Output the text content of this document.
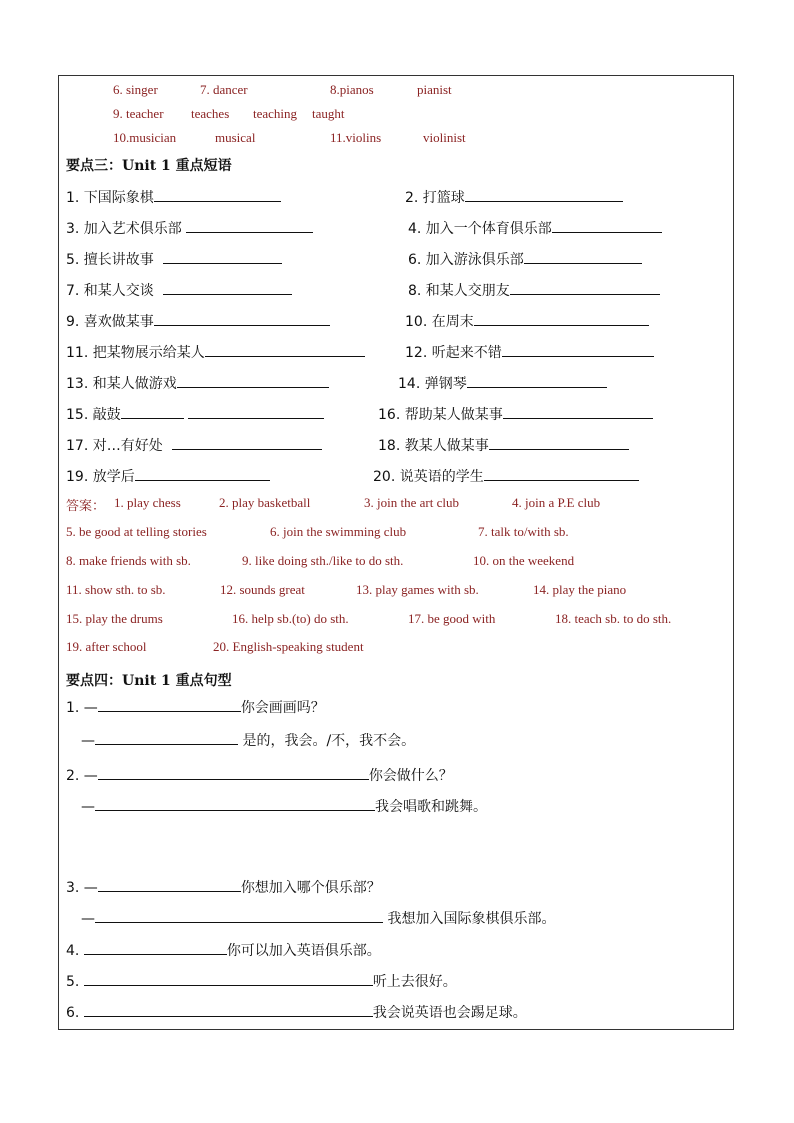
6. singer	7. dancer	8.pianos	pianist
9. teacher teaches teaching taught
10.musician	musical	11.violins	violinist
要点三：Unit 1 重点短语
1. 下国际象棋	2. 打篮球
3. 加入艺术俱乐部	4. 加入一个体育俱乐部
5. 擅长讲故事	6. 加入游泳俱乐部
7. 和某人交谈	8. 和某人交朋友
9. 喜欢做某事	10. 在周末
11. 把某物展示给某人	12. 听起来不错
13. 和某人做游戏	14. 弹钢琴
15. 敲鼓	16. 帮助某人做某事
17. 对…有好处	18. 教某人做某事
19. 放学后	20. 说英语的学生
答案： 1. play chess	2. play basketball	3. join the art club	4. join a P.E club
5. be good at telling stories	6. join the swimming club	7. talk to/with sb.
8. make friends with sb.	9. like doing sth./like to do sth.	10. on the weekend
11. show sth. to sb.	12. sounds great	13. play games with sb.	14. play the piano
15. play the drums	16. help sb.(to) do sth.	17. be good with	18. teach sb. to do sth.
19. after school	20. English-speaking student
要点四：Unit 1 重点句型
1. —	你会画画吗？
—	是的，我会。/不，我不会。
2. —	你会做什么？
—	我会唱歌和跳舞。
3. —	你想加入哪个俱乐部？
—	我想加入国际象棋俱乐部。
4.	你可以加入英语俱乐部。
5.	听上去很好。
6.	我会说英语也会踢足球。
